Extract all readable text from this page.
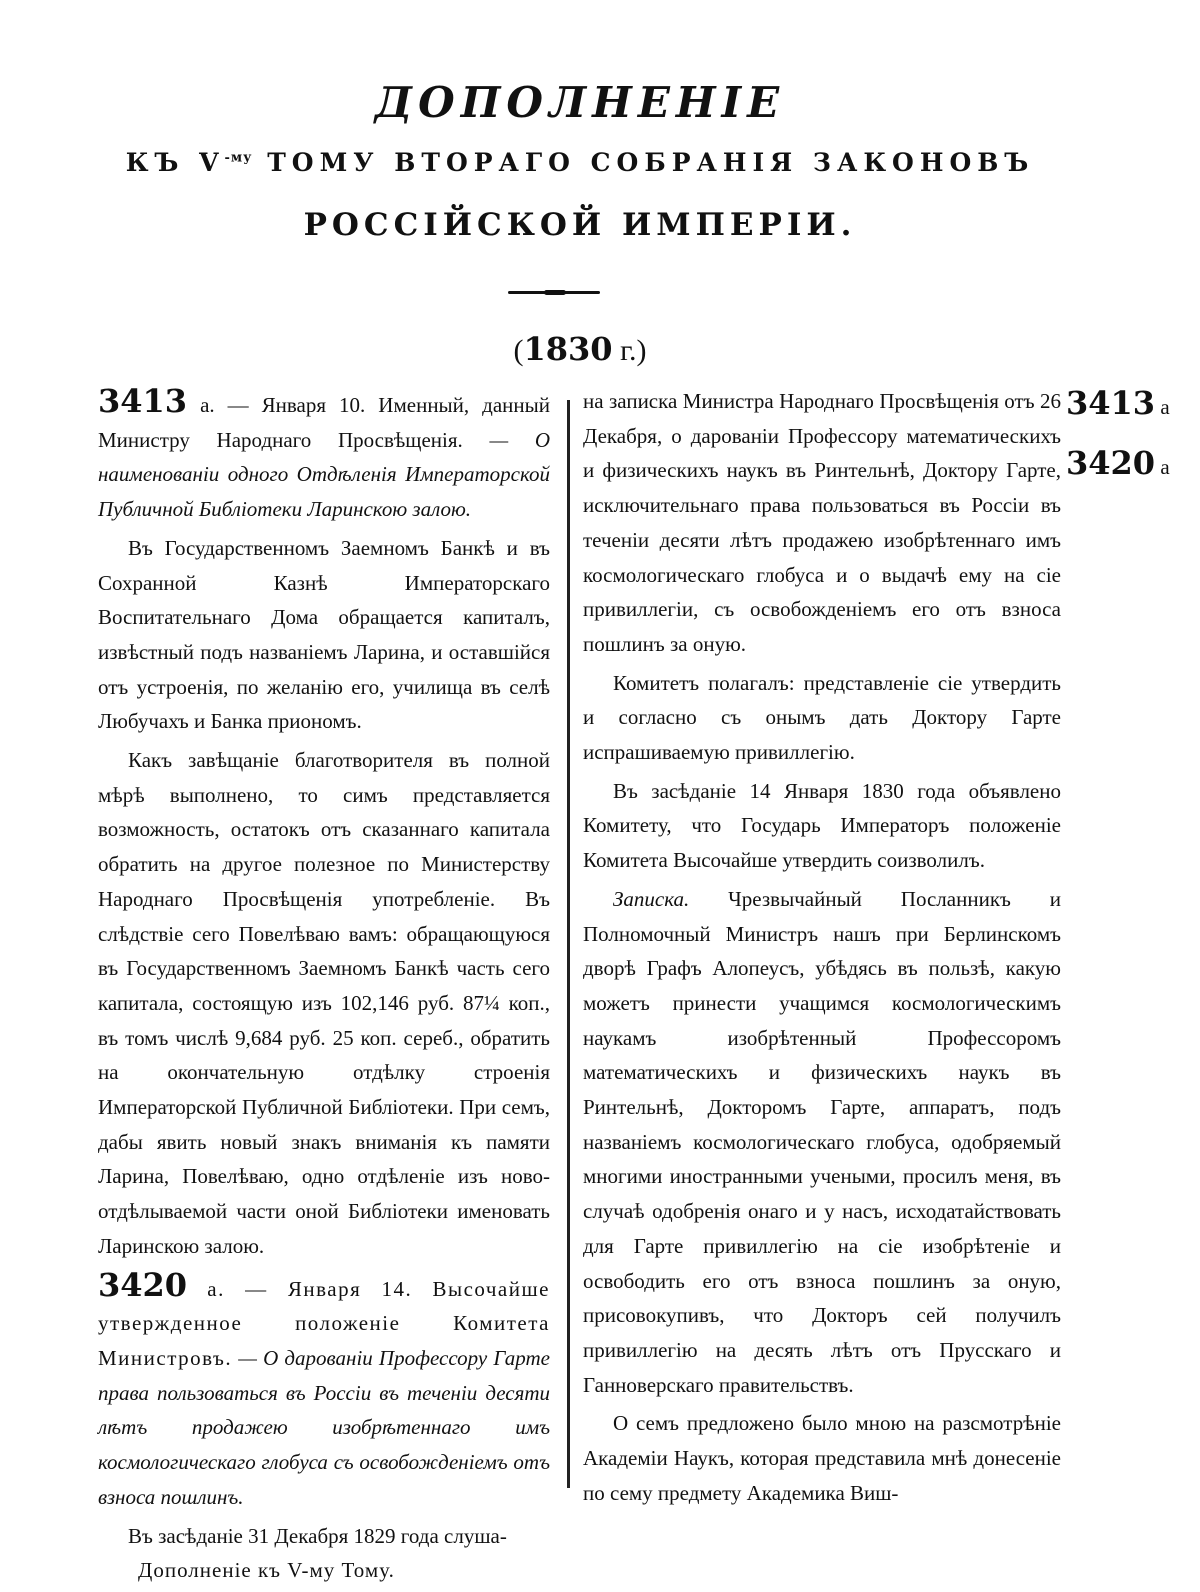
ДОПОЛНЕНІЕ
КЪ $V^{-му}$ ТОМУ ВТОРАГО СОБРАНІЯ ЗАКОНОВЪ
РОССІЙСКОЙ ИМПЕРІИ.
(1830 г.)

3413 а. — Января 10. Именный, данный Министру Народнаго Просвѣщенія. — О наименованіи одного Отдѣленія Императорской Публичной Библіотеки Ларинскою залою.

Въ Государственномъ Заемномъ Банкѣ и въ Сохранной Казнѣ Императорскаго Воспитательнаго Дома обращается капиталъ, извѣстный подъ названіемъ Ларина, и оставшійся отъ устроенія, по желанію его, училища въ селѣ Любучахъ и Банка приономъ.

Какъ завѣщаніе благотворителя въ полной мѣрѣ выполнено, то симъ представляется возможность, остатокъ отъ сказаннаго капитала обратить на другое полезное по Министерству Народнаго Просвѣщенія употребленіе. Въ слѣдствіе сего Повелѣваю вамъ: обращающуюся въ Государственномъ Заемномъ Банкѣ часть сего капитала, состоящую изъ 102,146 руб. 87¼ коп., въ томъ числѣ 9,684 руб. 25 коп. сереб., обратить на окончательную отдѣлку строенія Императорской Публичной Библіотеки. При семъ, дабы явить новый знакъ вниманія къ памяти Ларина, Повелѣваю, одно отдѣленіе изъ ново-отдѣлываемой части оной Библіотеки именовать Ларинскою залою.

3420 а. — Января 14. Высочайше утвержденное положеніе Комитета Министровъ. — О дарованіи Профессору Гарте права пользоваться въ Россіи въ теченіи десяти лѣтъ продажею изобрѣтеннаго имъ космологическаго глобуса съ освобожденіемъ отъ взноса пошлинъ.

Въ засѣданіе 31 Декабря 1829 года слуша-

Дополненіе къ V-му Тому.

на записка Министра Народнаго Просвѣщенія отъ 26 Декабря, о дарованіи Профессору математическихъ и физическихъ наукъ въ Ринтельнѣ, Доктору Гарте, исключительнаго права пользоваться въ Россіи въ теченіи десяти лѣтъ продажею изобрѣтеннаго имъ космологическаго глобуса и о выдачѣ ему на сіе привиллегіи, съ освобожденіемъ его отъ взноса пошлинъ за оную.

Комитетъ полагалъ: представленіе сіе утвердить и согласно съ онымъ дать Доктору Гарте испрашиваемую привиллегію.

Въ засѣданіе 14 Января 1830 года объявлено Комитету, что Государь Императоръ положеніе Комитета Высочайше утвердить соизволилъ.

Записка. Чрезвычайный Посланникъ и Полномочный Министръ нашъ при Берлинскомъ дворѣ Графъ Алопеусъ, убѣдясь въ пользѣ, какую можетъ принести учащимся космологическимъ наукамъ изобрѣтенный Профессоромъ математическихъ и физическихъ наукъ въ Ринтельнѣ, Докторомъ Гарте, аппаратъ, подъ названіемъ космологическаго глобуса, одобряемый многими иностранными учеными, просилъ меня, въ случаѣ одобренія онаго и у насъ, исходатайствовать для Гарте привиллегію на сіе изобрѣтеніе и освободить его отъ взноса пошлинъ за оную, присовокупивъ, что Докторъ сей получилъ привиллегію на десять лѣтъ отъ Прусскаго и Ганноверскаго правительствъ.

О семъ предложено было мною на разсмотрѣніе Академіи Наукъ, которая представила мнѣ донесеніе по сему предмету Академика Виш-

3413 а
3420 а
